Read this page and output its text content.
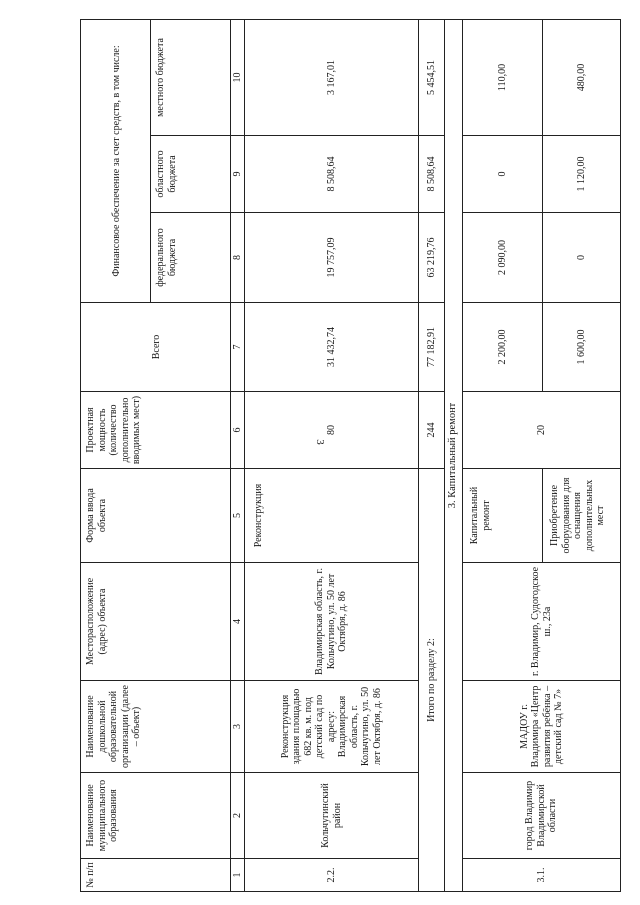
3
№ п/п	Наименование муниципального образования	Наименование дошкольной образовательной организации (далее – объект)	Месторасположение (адрес) объекта	Форма ввода объекта	Проектная мощность (количество дополнительно вводимых мест)	Всего	Финансовое обеспечение за счет средств, в том числе:		
							федерального бюджета	областного бюджета	местного бюджета
1	2	3	4	5	6	7	8	9	10
2.2.	Кольчугинский район	Реконструкция здания площадью 682 кв. м. под детский сад по адресу: Владимирская область, г. Кольчугино, ул. 50 лет Октября, д. 86	Владимирская область, г. Кольчугино, ул. 50 лет Октября, д. 86	Реконструкция	80	31 432,74	19 757,09	8 508,64	3 167,01
Итого по разделу 2:					244	77 182,91	63 219,76	8 508,64	5 454,51
3. Капитальный ремонт									
3.1.	город Владимир Владимирской области	МАДОУ г. Владимира «Центр развития ребёнка – детский сад № 7»	г. Владимир, Судогодское ш., 23а	Капитальный ремонт	20	2 200,00	2 090,00	0	110,00
				Приобретение оборудования для оснащения дополнительных мест		1 600,00	0	1 120,00	480,00
